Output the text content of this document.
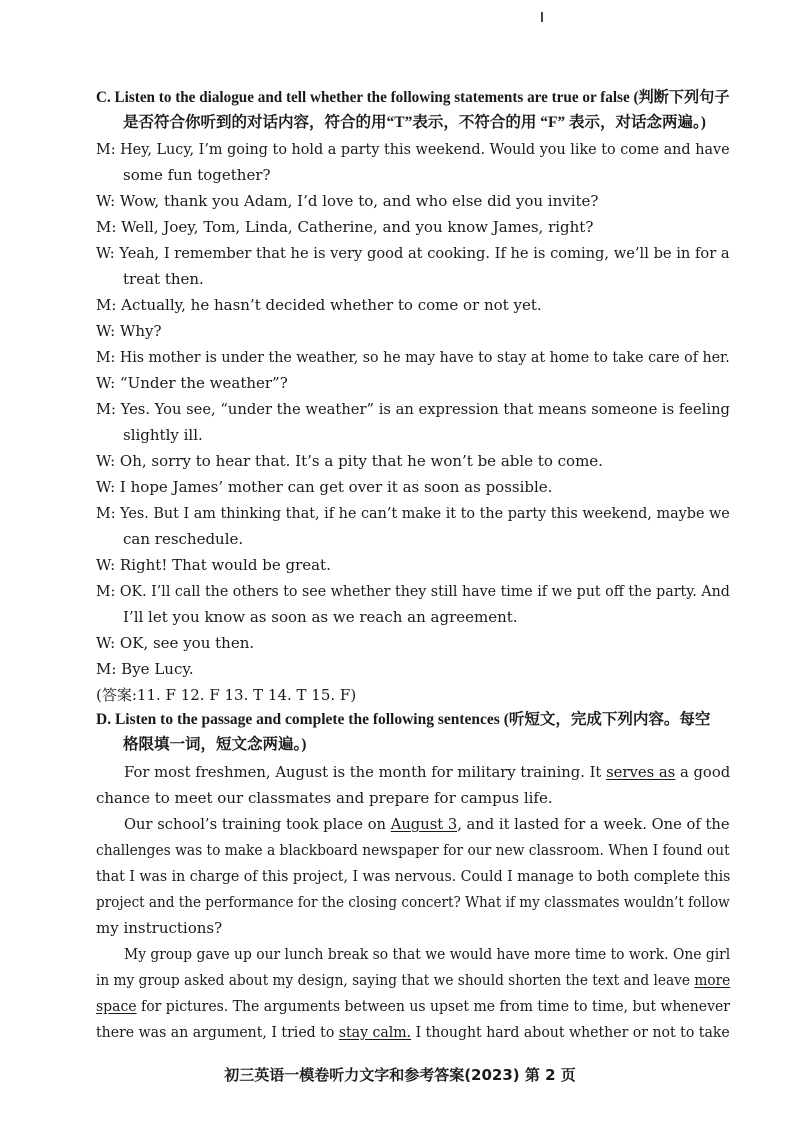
C. Listen to the dialogue and tell whether the following statements are true or false (判断下列句子
是否符合你听到的对话内容，符合的用“T”表示，不符合的用 “F” 表示，对话念两遍。)
M: Hey, Lucy, I’m going to hold a party this weekend. Would you like to come and have
some fun together?
W: Wow, thank you Adam, I’d love to, and who else did you invite?
M: Well, Joey, Tom, Linda, Catherine, and you know James, right?
W: Yeah, I remember that he is very good at cooking. If he is coming, we’ll be in for a
treat then.
M: Actually, he hasn’t decided whether to come or not yet.
W: Why?
M: His mother is under the weather, so he may have to stay at home to take care of her.
W: “Under the weather”?
M: Yes. You see, “under the weather” is an expression that means someone is feeling
slightly ill.
W: Oh, sorry to hear that. It’s a pity that he won’t be able to come.
W: I hope James’ mother can get over it as soon as possible.
M: Yes. But I am thinking that, if he can’t make it to the party this weekend, maybe we
can reschedule.
W: Right! That would be great.
M: OK. I’ll call the others to see whether they still have time if we put off the party. And
I’ll let you know as soon as we reach an agreement.
W: OK, see you then.
M: Bye Lucy.
(答案:11. F 12. F 13. T 14. T 15. F)
D. Listen to the passage and complete the following sentences (听短文，完成下列内容。每空
格限填一词，短文念两遍。)
For most freshmen, August is the month for military training. It serves as a good
chance to meet our classmates and prepare for campus life.
Our school’s training took place on August 3, and it lasted for a week. One of the
challenges was to make a blackboard newspaper for our new classroom. When I found out
that I was in charge of this project, I was nervous. Could I manage to both complete this
project and the performance for the closing concert? What if my classmates wouldn’t follow
my instructions?
My group gave up our lunch break so that we would have more time to work. One girl
in my group asked about my design, saying that we should shorten the text and leave more
space for pictures. The arguments between us upset me from time to time, but whenever
there was an argument, I tried to stay calm. I thought hard about whether or not to take
初三英语一模卷听力文字和参考答案(2023) 第 2 页
